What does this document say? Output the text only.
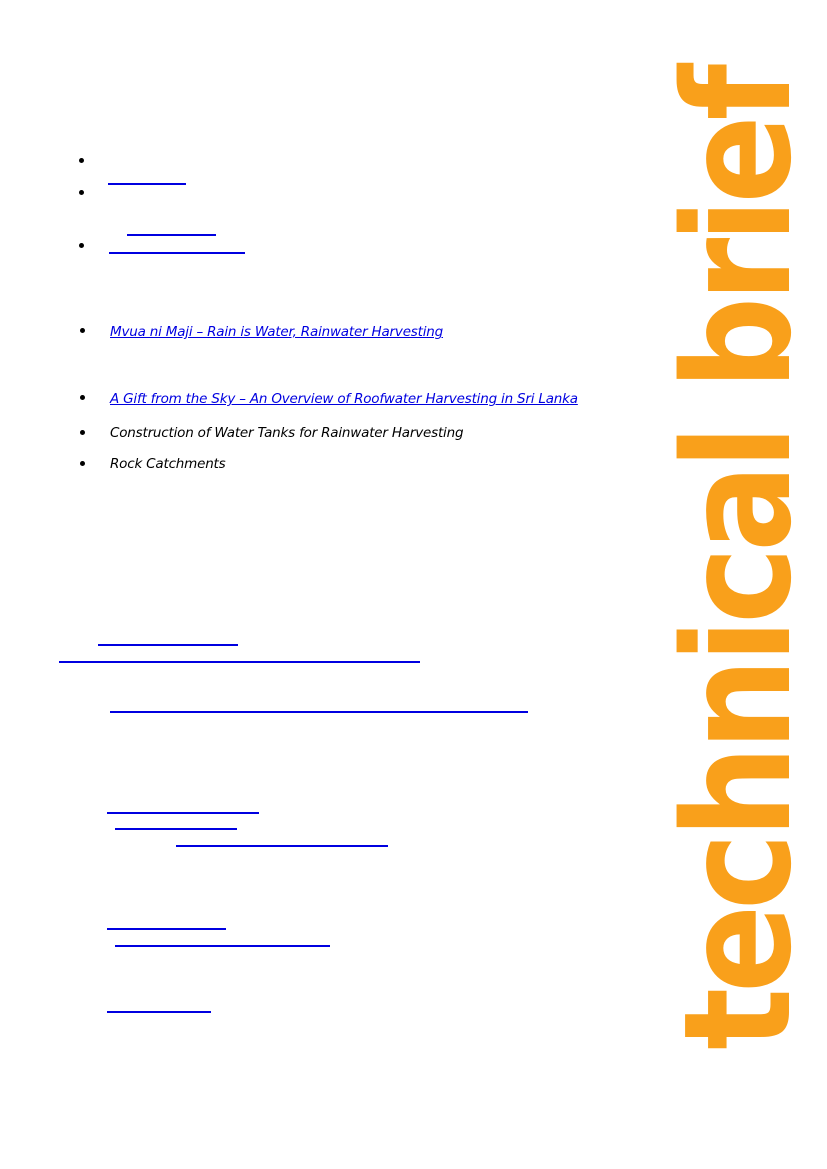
Mvua ni Maji – Rain is Water, Rainwater Harvesting
A Gift from the Sky – An Overview of Roofwater Harvesting in Sri Lanka
Construction of Water Tanks for Rainwater Harvesting
Rock Catchments	technical brief
